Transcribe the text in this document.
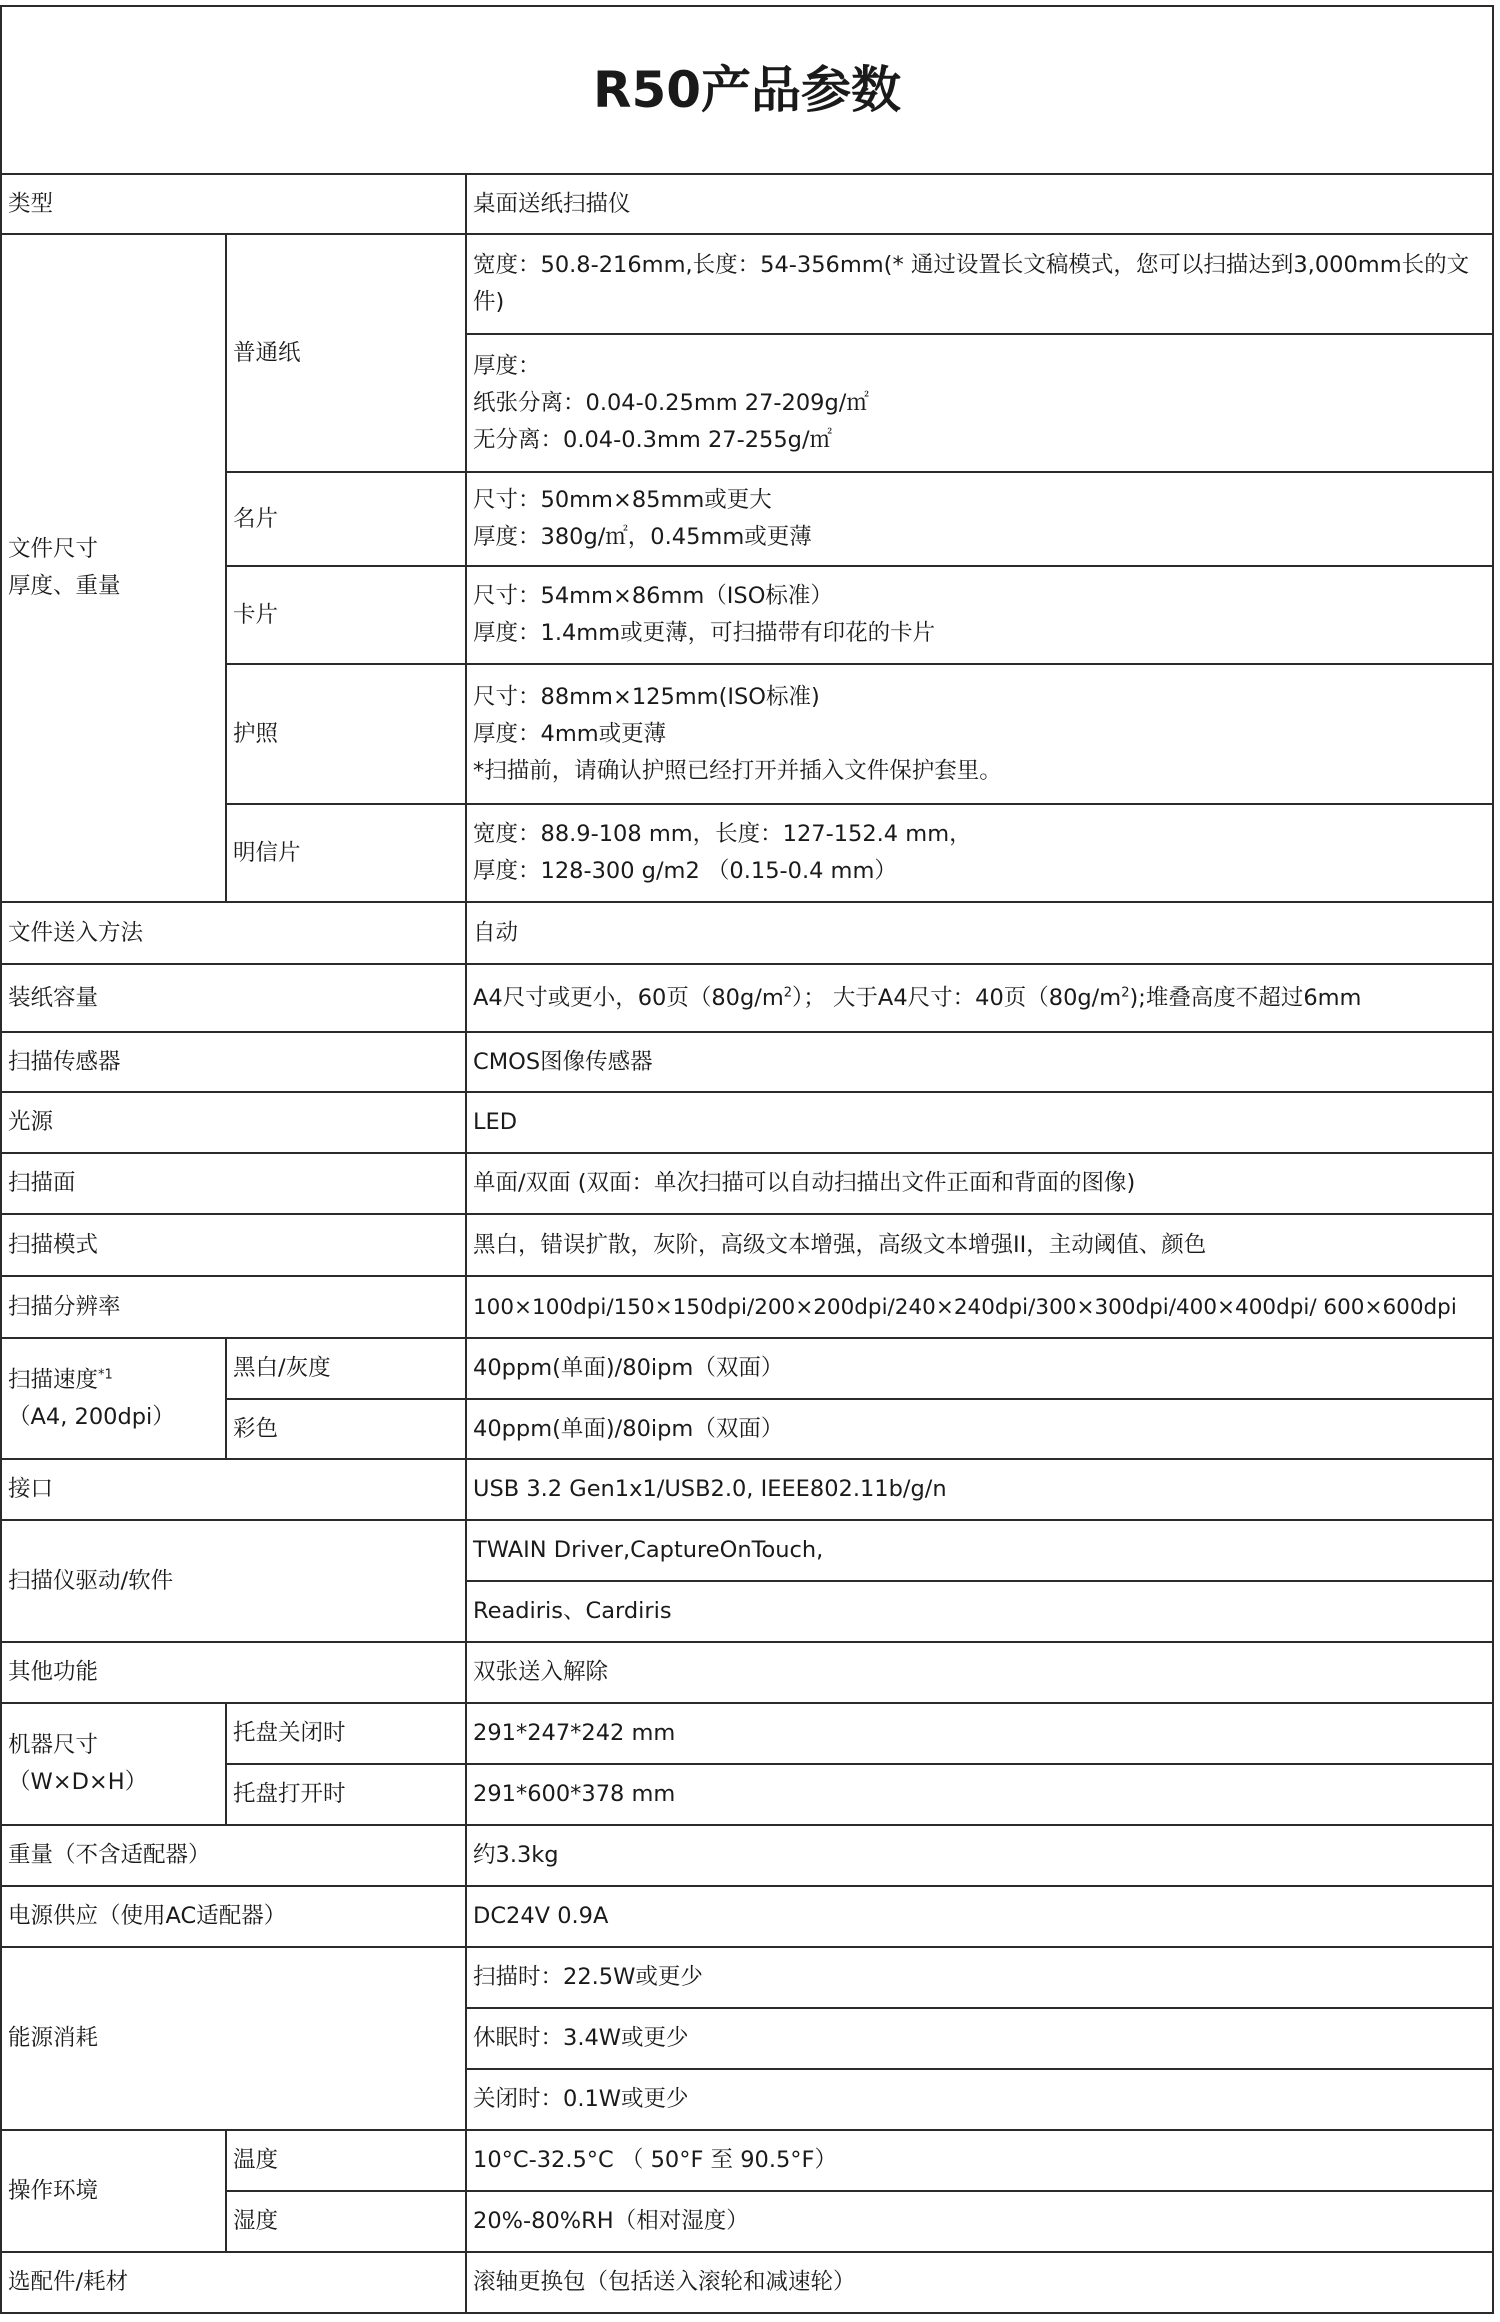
R50产品参数		
类型		桌面送纸扫描仪
文件尺寸
厚度、重量	普通纸	宽度：50.8-216mm,长度：54-356mm(* 通过设置长文稿模式，您可以扫描达到3,000mm长的文件)
		厚度：
纸张分离：0.04-0.25mm 27-209g/㎡
无分离：0.04-0.3mm 27-255g/㎡
	名片	尺寸：50mm×85mm或更大
厚度：380g/㎡，0.45mm或更薄
	卡片	尺寸：54mm×86mm（ISO标准）
厚度：1.4mm或更薄，可扫描带有印花的卡片
	护照	尺寸：88mm×125mm(ISO标准)
厚度：4mm或更薄
*扫描前，请确认护照已经打开并插入文件保护套里。
	明信片	宽度：88.9-108 mm，长度：127-152.4 mm，
厚度：128-300 g/m2 （0.15-0.4 mm）

文件送入方法		自动
装纸容量		A4尺寸或更小，60页$(80g/m^2)$； 大于A4尺寸：40页$(80g/m^2)$;堆叠高度不超过6mm
扫描传感器		CMOS图像传感器
光源		LED
扫描面		单面/双面 (双面：单次扫描可以自动扫描出文件正面和背面的图像)
扫描模式		黑白，错误扩散，灰阶，高级文本增强，高级文本增强II，主动阈值、颜色
扫描分辨率		100×100dpi/150×150dpi/200×200dpi/240×240dpi/300×300dpi/400×400dpi/ 600×600dpi
扫描速度$^{*1}$
（A4, 200dpi）	黑白/灰度	40ppm(单面)/80ipm（双面）
	彩色	40ppm(单面)/80ipm（双面）
接口		USB 3.2 Gen1x1/USB2.0, IEEE802.11b/g/n
扫描仪驱动/软件		TWAIN Driver,CaptureOnTouch,
		Readiris、Cardiris
其他功能		双张送入解除
机器尺寸
（W×D×H）	托盘关闭时	291*247*242 mm
	托盘打开时	291*600*378 mm
重量（不含适配器）		约3.3kg
电源供应（使用AC适配器）		DC24V 0.9A
能源消耗		扫描时：22.5W或更少
		休眠时：3.4W或更少
		关闭时：0.1W或更少
操作环境	温度	10°C-32.5°C （ 50°F 至 90.5°F）
	湿度	20%-80%RH（相对湿度）
选配件/耗材		滚轴更换包（包括送入滚轮和减速轮）
